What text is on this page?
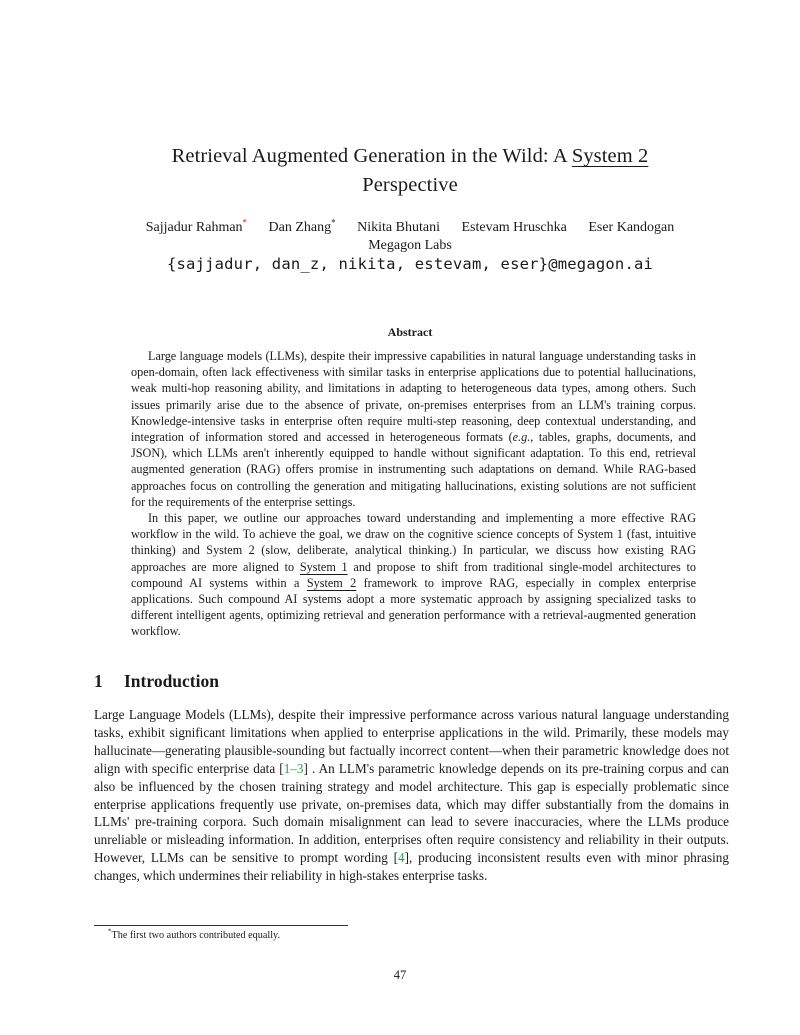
Retrieval Augmented Generation in the Wild: A System 2
Perspective
Sajjadur Rahman* Dan Zhang* Nikita Bhutani Estevam Hruschka Eser Kandogan
Megagon Labs
{sajjadur, dan_z, nikita, estevam, eser}@megagon.ai
Abstract

Large language models (LLMs), despite their impressive capabilities in natural language understanding tasks in open-domain, often lack effectiveness with similar tasks in enterprise applications due to potential hallucinations, weak multi-hop reasoning ability, and limitations in adapting to heterogeneous data types, among others. Such issues primarily arise due to the absence of private, on-premises enterprises from an LLM's training corpus. Knowledge-intensive tasks in enterprise often require multi-step reasoning, deep contextual understanding, and integration of information stored and accessed in heterogeneous formats (e.g., tables, graphs, documents, and JSON), which LLMs aren't inherently equipped to handle without significant adaptation. To this end, retrieval augmented generation (RAG) offers promise in instrumenting such adaptations on demand. While RAG-based approaches focus on controlling the generation and mitigating hallucinations, existing solutions are not sufficient for the requirements of the enterprise settings.

In this paper, we outline our approaches toward understanding and implementing a more effective RAG workflow in the wild. To achieve the goal, we draw on the cognitive science concepts of System 1 (fast, intuitive thinking) and System 2 (slow, deliberate, analytical thinking.) In particular, we discuss how existing RAG approaches are more aligned to System 1 and propose to shift from traditional single-model architectures to compound AI systems within a System 2 framework to improve RAG, especially in complex enterprise applications. Such compound AI systems adopt a more systematic approach by assigning specialized tasks to different intelligent agents, optimizing retrieval and generation performance with a retrieval-augmented generation workflow.

1 Introduction

Large Language Models (LLMs), despite their impressive performance across various natural language understanding tasks, exhibit significant limitations when applied to enterprise applications in the wild. Primarily, these models may hallucinate—generating plausible-sounding but factually incorrect content—when their parametric knowledge does not align with specific enterprise data [1–3] . An LLM's parametric knowledge depends on its pre-training corpus and can also be influenced by the chosen training strategy and model architecture. This gap is especially problematic since enterprise applications frequently use private, on-premises data, which may differ substantially from the domains in LLMs' pre-training corpora. Such domain misalignment can lead to severe inaccuracies, where the LLMs produce unreliable or misleading information. In addition, enterprises often require consistency and reliability in their outputs. However, LLMs can be sensitive to prompt wording [4], producing inconsistent results even with minor phrasing changes, which undermines their reliability in high-stakes enterprise tasks.

*The first two authors contributed equally.
47
